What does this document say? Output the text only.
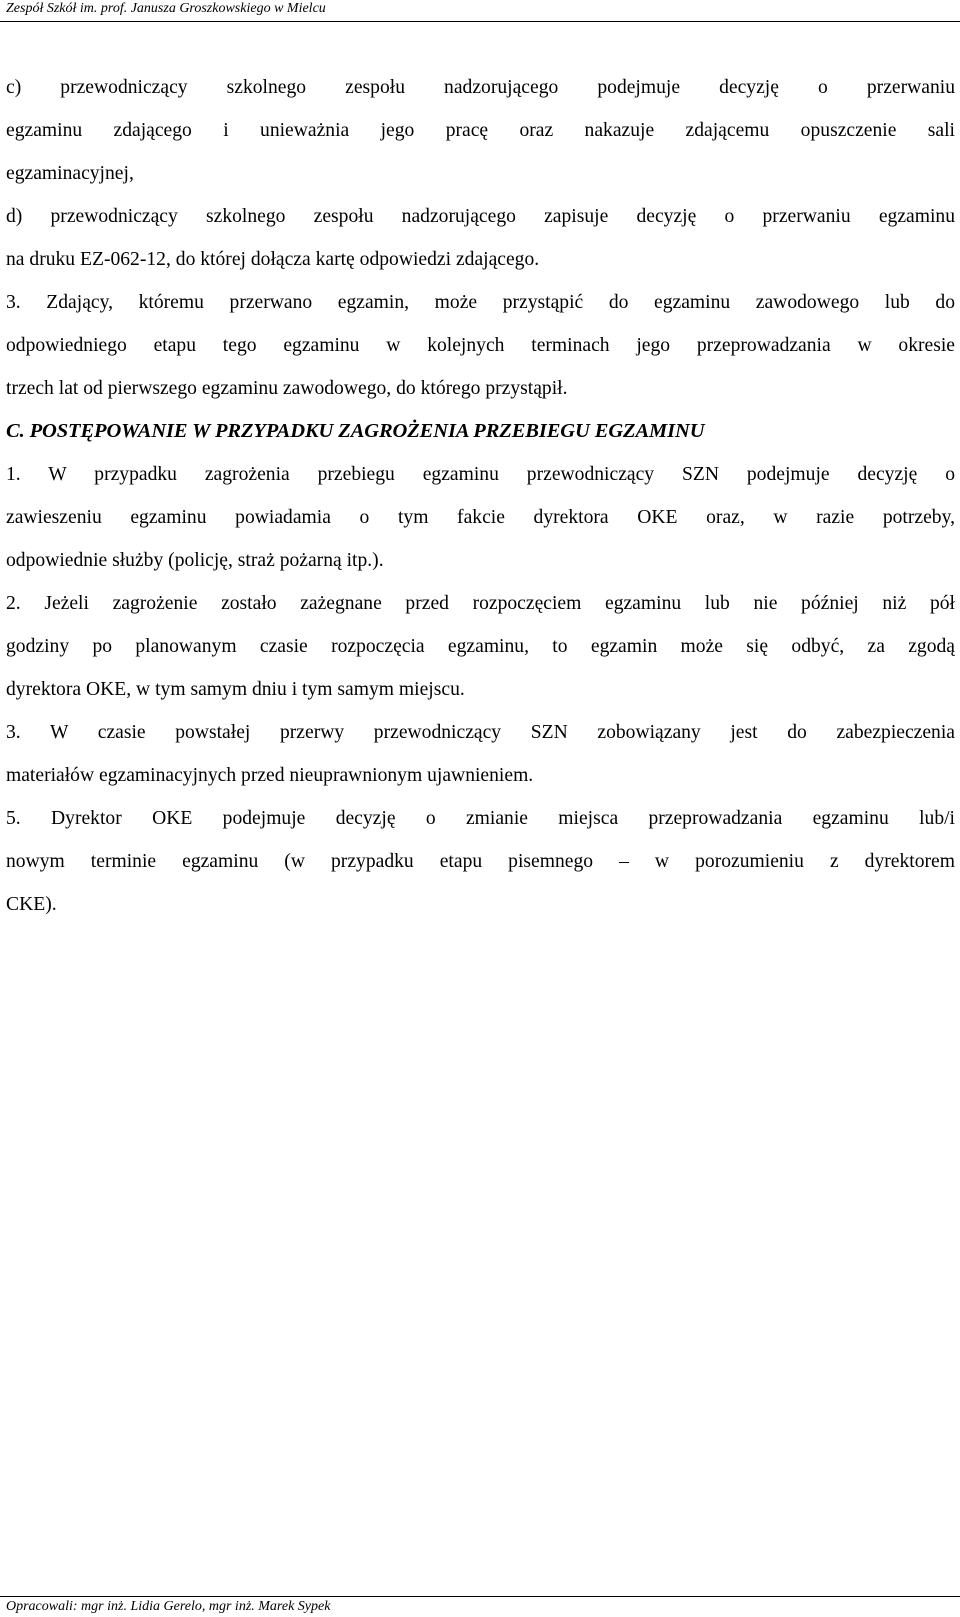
Zespół Szkół im. prof. Janusza Groszkowskiego w Mielcu

c) przewodniczący szkolnego zespołu nadzorującego podejmuje decyzję o przerwaniu

egzaminu zdającego i unieważnia jego pracę oraz nakazuje zdającemu opuszczenie sali

egzaminacyjnej,

d) przewodniczący szkolnego zespołu nadzorującego zapisuje decyzję o przerwaniu egzaminu

na druku EZ-062-12, do której dołącza kartę odpowiedzi zdającego.

3. Zdający, któremu przerwano egzamin, może przystąpić do egzaminu zawodowego lub do

odpowiedniego etapu tego egzaminu w kolejnych terminach jego przeprowadzania w okresie

trzech lat od pierwszego egzaminu zawodowego, do którego przystąpił.

C. POSTĘPOWANIE W PRZYPADKU ZAGROŻENIA PRZEBIEGU EGZAMINU

1. W przypadku zagrożenia przebiegu egzaminu przewodniczący SZN podejmuje decyzję o

zawieszeniu egzaminu powiadamia o tym fakcie dyrektora OKE oraz, w razie potrzeby,

odpowiednie służby (policję, straż pożarną itp.).

2. Jeżeli zagrożenie zostało zażegnane przed rozpoczęciem egzaminu lub nie później niż pół

godziny po planowanym czasie rozpoczęcia egzaminu, to egzamin może się odbyć, za zgodą

dyrektora OKE, w tym samym dniu i tym samym miejscu.

3. W czasie powstałej przerwy przewodniczący SZN zobowiązany jest do zabezpieczenia

materiałów egzaminacyjnych przed nieuprawnionym ujawnieniem.

5. Dyrektor OKE podejmuje decyzję o zmianie miejsca przeprowadzania egzaminu lub/i

nowym terminie egzaminu (w przypadku etapu pisemnego – w porozumieniu z dyrektorem

CKE).

Opracowali: mgr inż. Lidia Gerelo, mgr inż. Marek Sypek
